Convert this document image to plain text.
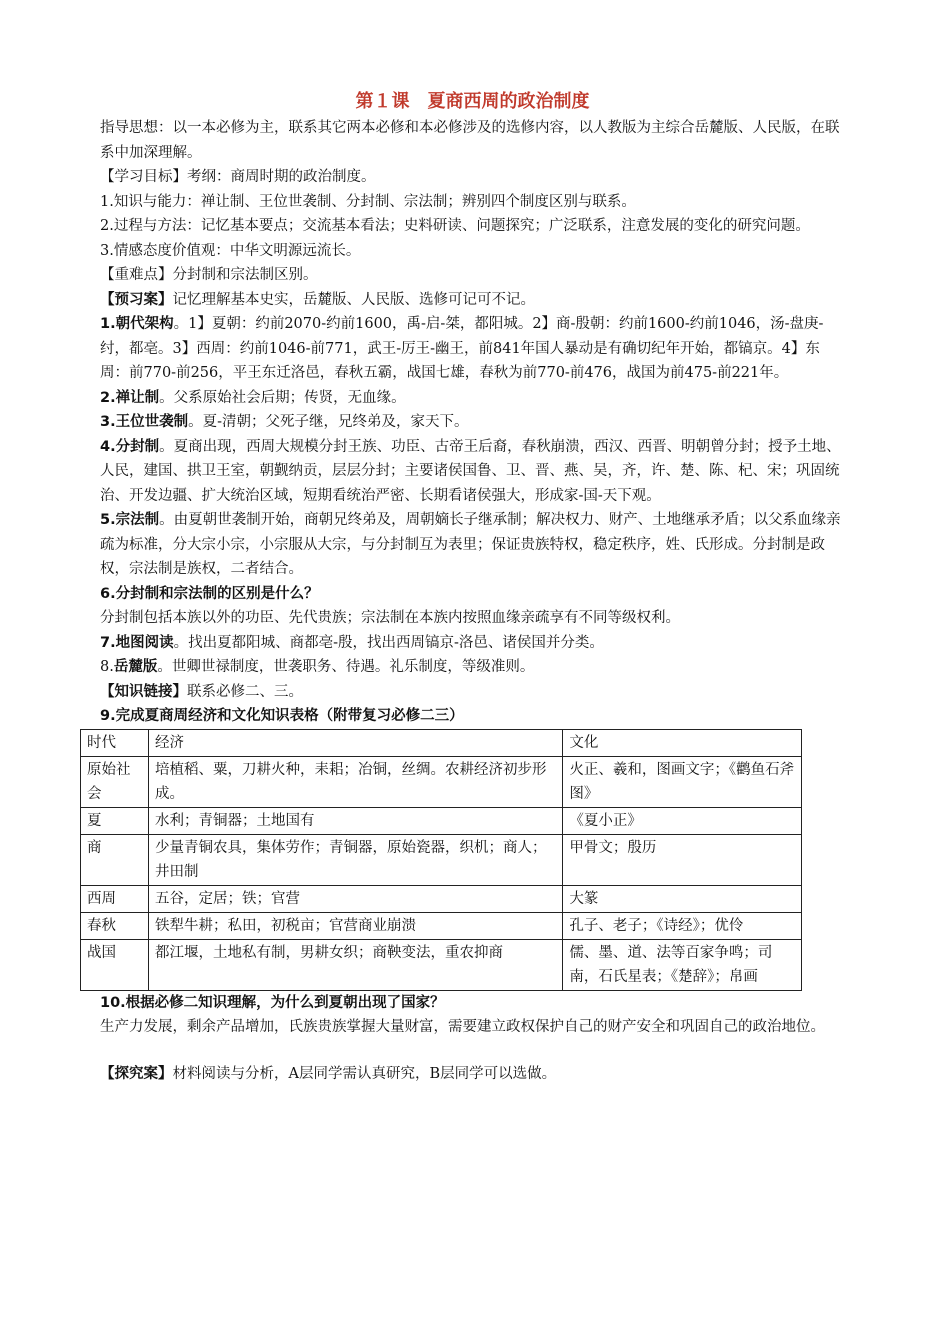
第１课　夏商西周的政治制度

指导思想：以一本必修为主，联系其它两本必修和本必修涉及的选修内容，以人教版为主综合岳麓版、人民版，在联系中加深理解。

【学习目标】考纲：商周时期的政治制度。

1.知识与能力：禅让制、王位世袭制、分封制、宗法制；辨别四个制度区别与联系。

2.过程与方法：记忆基本要点；交流基本看法；史料研读、问题探究；广泛联系，注意发展的变化的研究问题。

3.情感态度价值观：中华文明源远流长。

【重难点】分封制和宗法制区别。

【预习案】记忆理解基本史实，岳麓版、人民版、选修可记可不记。

1.朝代架构。1】夏朝：约前2070-约前1600，禹-启-桀，都阳城。2】商-殷朝：约前1600-约前1046，汤-盘庚-纣，都亳。3】西周：约前1046-前771，武王-厉王-幽王，前841年国人暴动是有确切纪年开始，都镐京。4】东周：前770-前256，平王东迁洛邑，春秋五霸，战国七雄，春秋为前770-前476，战国为前475-前221年。

2.禅让制。父系原始社会后期；传贤，无血缘。

3.王位世袭制。夏-清朝；父死子继，兄终弟及，家天下。

4.分封制。夏商出现，西周大规模分封王族、功臣、古帝王后裔，春秋崩溃，西汉、西晋、明朝曾分封；授予土地、人民，建国、拱卫王室，朝觐纳贡，层层分封；主要诸侯国鲁、卫、晋、燕、吴，齐，许、楚、陈、杞、宋；巩固统治、开发边疆、扩大统治区域，短期看统治严密、长期看诸侯强大，形成家-国-天下观。

5.宗法制。由夏朝世袭制开始，商朝兄终弟及，周朝嫡长子继承制；解决权力、财产、土地继承矛盾；以父系血缘亲疏为标准，分大宗小宗，小宗服从大宗，与分封制互为表里；保证贵族特权，稳定秩序，姓、氏形成。分封制是政权，宗法制是族权，二者结合。

6.分封制和宗法制的区别是什么？

分封制包括本族以外的功臣、先代贵族；宗法制在本族内按照血缘亲疏享有不同等级权利。

7.地图阅读。找出夏都阳城、商都亳-殷，找出西周镐京-洛邑、诸侯国并分类。

8.岳麓版。世卿世禄制度，世袭职务、待遇。礼乐制度，等级准则。

【知识链接】联系必修二、三。

9.完成夏商周经济和文化知识表格（附带复习必修二三）

时代	经济	文化
原始社会	培植稻、粟，刀耕火种，耒耜；冶铜，丝绸。农耕经济初步形成。	火正、羲和，图画文字；《鹳鱼石斧图》
夏	水利；青铜器；土地国有	《夏小正》
商	少量青铜农具，集体劳作；青铜器，原始瓷器，织机；商人；井田制	甲骨文；殷历
西周	五谷，定居；铁；官营	大篆
春秋	铁犁牛耕；私田，初税亩；官营商业崩溃	孔子、老子；《诗经》；优伶
战国	都江堰，土地私有制，男耕女织；商鞅变法，重农抑商	儒、墨、道、法等百家争鸣；司南，石氏星表；《楚辞》；帛画

10.根据必修二知识理解，为什么到夏朝出现了国家？

生产力发展，剩余产品增加，氏族贵族掌握大量财富，需要建立政权保护自己的财产安全和巩固自己的政治地位。

【探究案】材料阅读与分析，A层同学需认真研究，B层同学可以选做。
